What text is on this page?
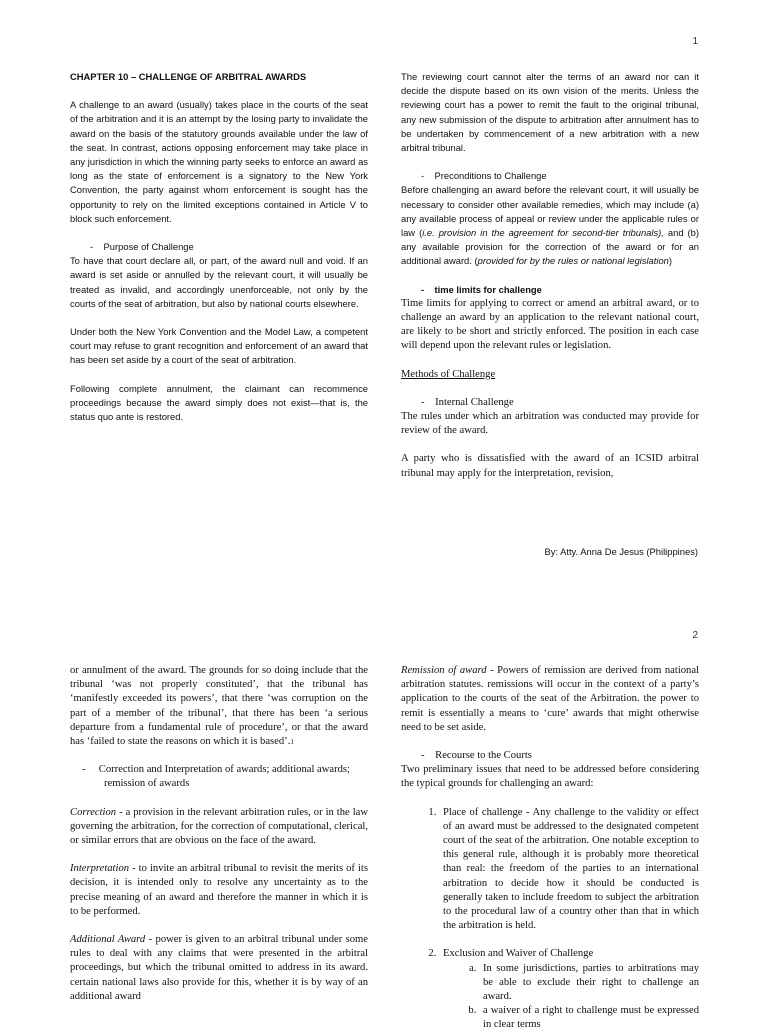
1
CHAPTER 10 – CHALLENGE OF ARBITRAL AWARDS

A challenge to an award (usually) takes place in the courts of the seat of the arbitration and it is an attempt by the losing party to invalidate the award on the basis of the statutory grounds available under the law of the seat. In contrast, actions opposing enforcement may take place in any jurisdiction in which the winning party seeks to enforce an award as long as the state of enforcement is a signatory to the New York Convention, the party against whom enforcement is sought has the opportunity to rely on the limited exceptions contained in Article V to block such enforcement.

-    Purpose of Challenge

To have that court declare all, or part, of the award null and void. If an award is set aside or annulled by the relevant court, it will usually be treated as invalid, and accordingly unenforceable, not only by the courts of the seat of arbitration, but also by national courts elsewhere.

Under both the New York Convention and the Model Law, a competent court may refuse to grant recognition and enforcement of an award that has been set aside by a court of the seat of arbitration.

Following complete annulment, the claimant can recommence proceedings because the award simply does not exist—that is, the status quo ante is restored.

The reviewing court cannot alter the terms of an award nor can it decide the dispute based on its own vision of the merits. Unless the reviewing court has a power to remit the fault to the original tribunal, any new submission of the dispute to arbitration after annulment has to be undertaken by commencement of a new arbitration with a new arbitral tribunal.

-    Preconditions to Challenge

Before challenging an award before the relevant court, it will usually be necessary to consider other available remedies, which may include (a) any available process of appeal or review under the applicable rules or law (i.e. provision in the agreement for second-tier tribunals), and (b) any available provision for the correction of the award or for an additional award. (provided for by the rules or national legislation)

-    time limits for challenge

Time limits for applying to correct or amend an arbitral award, or to challenge an award by an application to the relevant national court, are likely to be short and strictly enforced. The position in each case will depend upon the relevant rules or legislation.

Methods of Challenge
-    Internal Challenge

The rules under which an arbitration was conducted may provide for review of the award.

A party who is dissatisfied with the award of an ICSID arbitral tribunal may apply for the interpretation, revision,

By: Atty. Anna De Jesus (Philippines)
2

or annulment of the award. The grounds for so doing include that the tribunal ‘was not properly constituted’, that the tribunal has ‘manifestly exceeded its powers’, that there ‘was corruption on the part of a member of the tribunal’, that there has been ‘a serious departure from a fundamental rule of procedure’, or that the award has ‘failed to state the reasons on which it is based’.$^1$

-     Correction and Interpretation of awards; additional awards; remission of awards

Correction - a provision in the relevant arbitration rules, or in the law governing the arbitration, for the correction of computational, clerical, or similar errors that are obvious on the face of the award.

Interpretation - to invite an arbitral tribunal to revisit the merits of its decision, it is intended only to resolve any uncertainty as to the precise meaning of an award and therefore the manner in which it is to be performed.

Additional Award - power is given to an arbitral tribunal under some rules to deal with any claims that were presented in the arbitral proceedings, but which the tribunal omitted to address in its award. certain national laws also provide for this, whether it is by way of an additional award

Remission of award - Powers of remission are derived from national arbitration statutes. remissions will occur in the context of a party’s application to the courts of the seat of the Arbitration. the power to remit is essentially a means to ‘cure’ awards that might otherwise need to be set aside.

-    Recourse to the Courts

Two preliminary issues that need to be addressed before considering the typical grounds for challenging an award:

1. Place of challenge - Any challenge to the validity or effect of an award must be addressed to the designated competent court of the seat of the arbitration. One notable exception to this general rule, although it is probably more theoretical than real: the freedom of the parties to an international arbitration to decide how it should be conducted is generally taken to include freedom to subject the arbitration to the procedural law of a country other than that in which the arbitration is held.
2. Exclusion and Waiver of Challenge
a. In some jurisdictions, parties to arbitrations may be able to exclude their right to challenge an award.
b. a waiver of a right to challenge must be expressed in clear terms
